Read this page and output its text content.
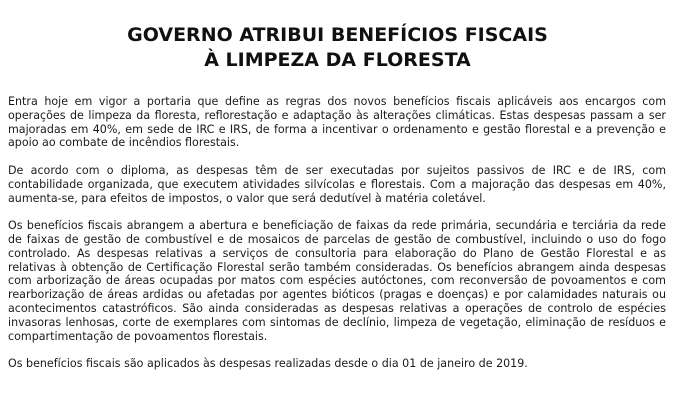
GOVERNO ATRIBUI BENEFÍCIOS FISCAIS
À LIMPEZA DA FLORESTA

Entra hoje em vigor a portaria que define as regras dos novos benefícios fiscais aplicáveis aos encargos com operações de limpeza da floresta, reflorestação e adaptação às alterações climáticas. Estas despesas passam a ser majoradas em 40%, em sede de IRC e IRS, de forma a incentivar o ordenamento e gestão florestal e a prevenção e apoio ao combate de incêndios florestais.

De acordo com o diploma, as despesas têm de ser executadas por sujeitos passivos de IRC e de IRS, com contabilidade organizada, que executem atividades silvícolas e florestais. Com a majoração das despesas em 40%, aumenta-se, para efeitos de impostos, o valor que será dedutível à matéria coletável.

Os benefícios fiscais abrangem a abertura e beneficiação de faixas da rede primária, secundária e terciária da rede de faixas de gestão de combustível e de mosaicos de parcelas de gestão de combustível, incluindo o uso do fogo controlado. As despesas relativas a serviços de consultoria para elaboração do Plano de Gestão Florestal e as relativas à obtenção de Certificação Florestal serão também consideradas. Os benefícios abrangem ainda despesas com arborização de áreas ocupadas por matos com espécies autóctones, com reconversão de povoamentos e com rearborização de áreas ardidas ou afetadas por agentes bióticos (pragas e doenças) e por calamidades naturais ou acontecimentos catastróficos. São ainda consideradas as despesas relativas a operações de controlo de espécies invasoras lenhosas, corte de exemplares com sintomas de declínio, limpeza de vegetação, eliminação de resíduos e compartimentação de povoamentos florestais.

Os benefícios fiscais são aplicados às despesas realizadas desde o dia 01 de janeiro de 2019.
